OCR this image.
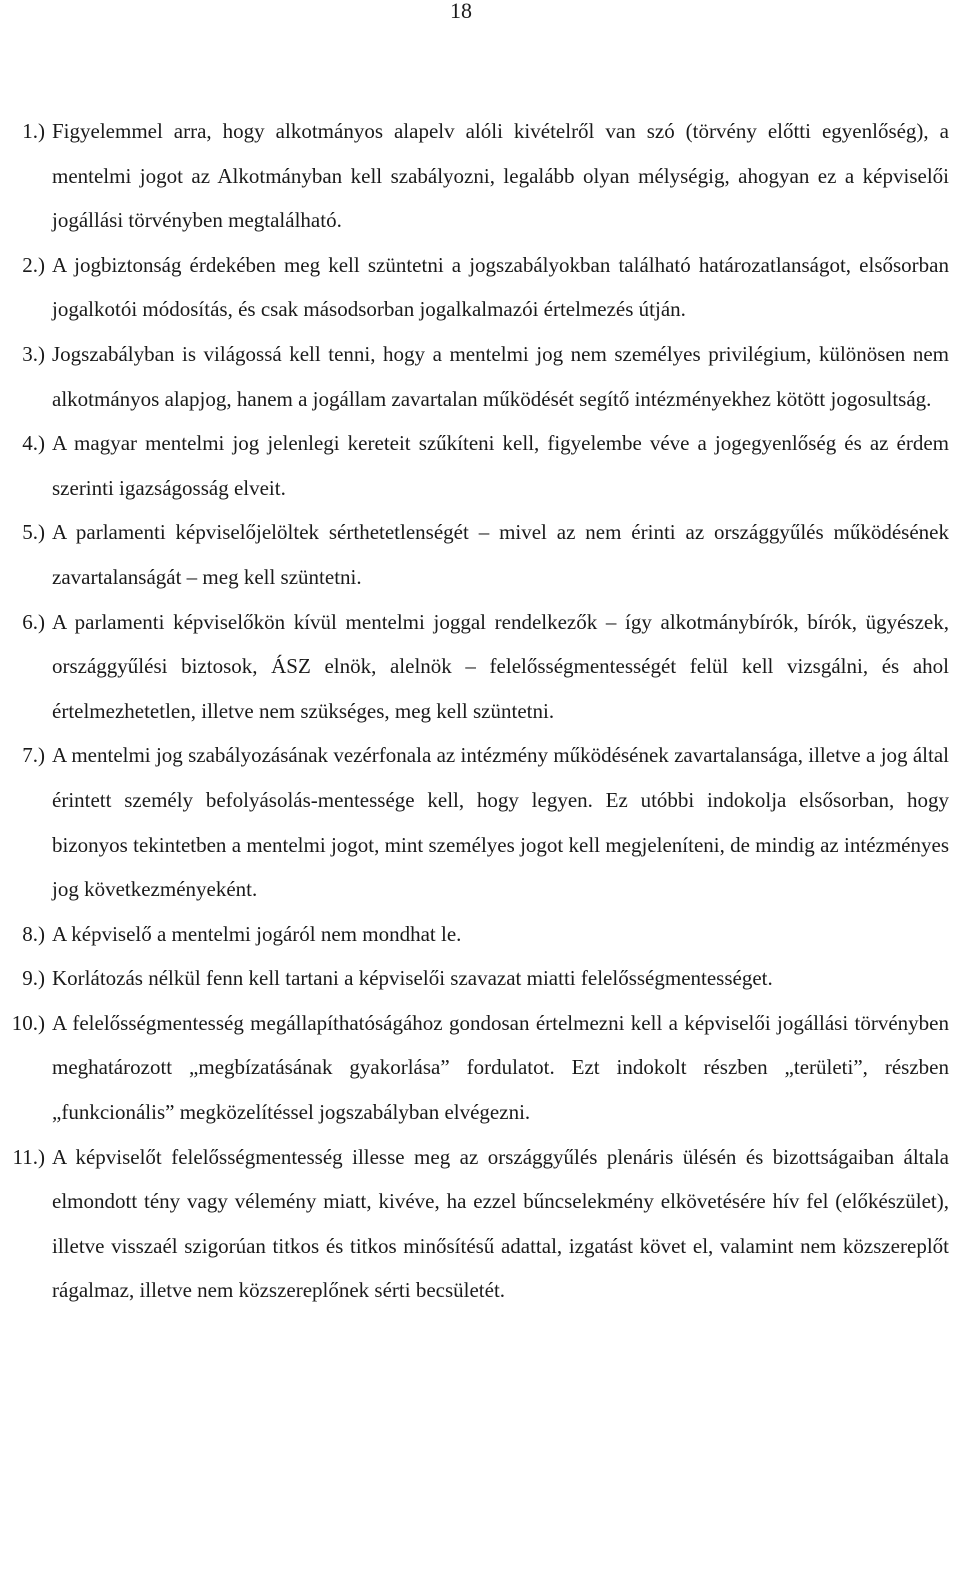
18
1.) Figyelemmel arra, hogy alkotmányos alapelv alóli kivételről van szó (törvény előtti egyenlőség), a mentelmi jogot az Alkotmányban kell szabályozni, legalább olyan mélységig, ahogyan ez a képviselői jogállási törvényben megtalálható.
2.) A jogbiztonság érdekében meg kell szüntetni a jogszabályokban található határozatlanságot, elsősorban jogalkotói módosítás, és csak másodsorban jogalkalmazói értelmezés útján.
3.) Jogszabályban is világossá kell tenni, hogy a mentelmi jog nem személyes privilégium, különösen nem alkotmányos alapjog, hanem a jogállam zavartalan működését segítő intézményekhez kötött jogosultság.
4.) A magyar mentelmi jog jelenlegi kereteit szűkíteni kell, figyelembe véve a jogegyenlőség és az érdem szerinti igazságosság elveit.
5.) A parlamenti képviselőjelöltek sérthetetlenségét – mivel az nem érinti az országgyűlés működésének zavartalanságát – meg kell szüntetni.
6.) A parlamenti képviselőkön kívül mentelmi joggal rendelkezők – így alkotmánybírók, bírók, ügyészek, országgyűlési biztosok, ÁSZ elnök, alelnök – felelősségmentességét felül kell vizsgálni, és ahol értelmezhetetlen, illetve nem szükséges, meg kell szüntetni.
7.) A mentelmi jog szabályozásának vezérfonala az intézmény működésének zavartalansága, illetve a jog által érintett személy befolyásolás-mentessége kell, hogy legyen. Ez utóbbi indokolja elsősorban, hogy bizonyos tekintetben a mentelmi jogot, mint személyes jogot kell megjeleníteni, de mindig az intézményes jog következményeként.
8.) A képviselő a mentelmi jogáról nem mondhat le.
9.) Korlátozás nélkül fenn kell tartani a képviselői szavazat miatti felelősségmentességet.
10.) A felelősségmentesség megállapíthatóságához gondosan értelmezni kell a képviselői jogállási törvényben meghatározott „megbízatásának gyakorlása” fordulatot. Ezt indokolt részben „területi”, részben „funkcionális” megközelítéssel jogszabályban elvégezni.
11.) A képviselőt felelősségmentesség illesse meg az országgyűlés plenáris ülésén és bizottságaiban általa elmondott tény vagy vélemény miatt, kivéve, ha ezzel bűncselekmény elkövetésére hív fel (előkészület), illetve visszaél szigorúan titkos és titkos minősítésű adattal, izgatást követ el, valamint nem közszereplőt rágalmaz, illetve nem közszereplőnek sérti becsületét.
